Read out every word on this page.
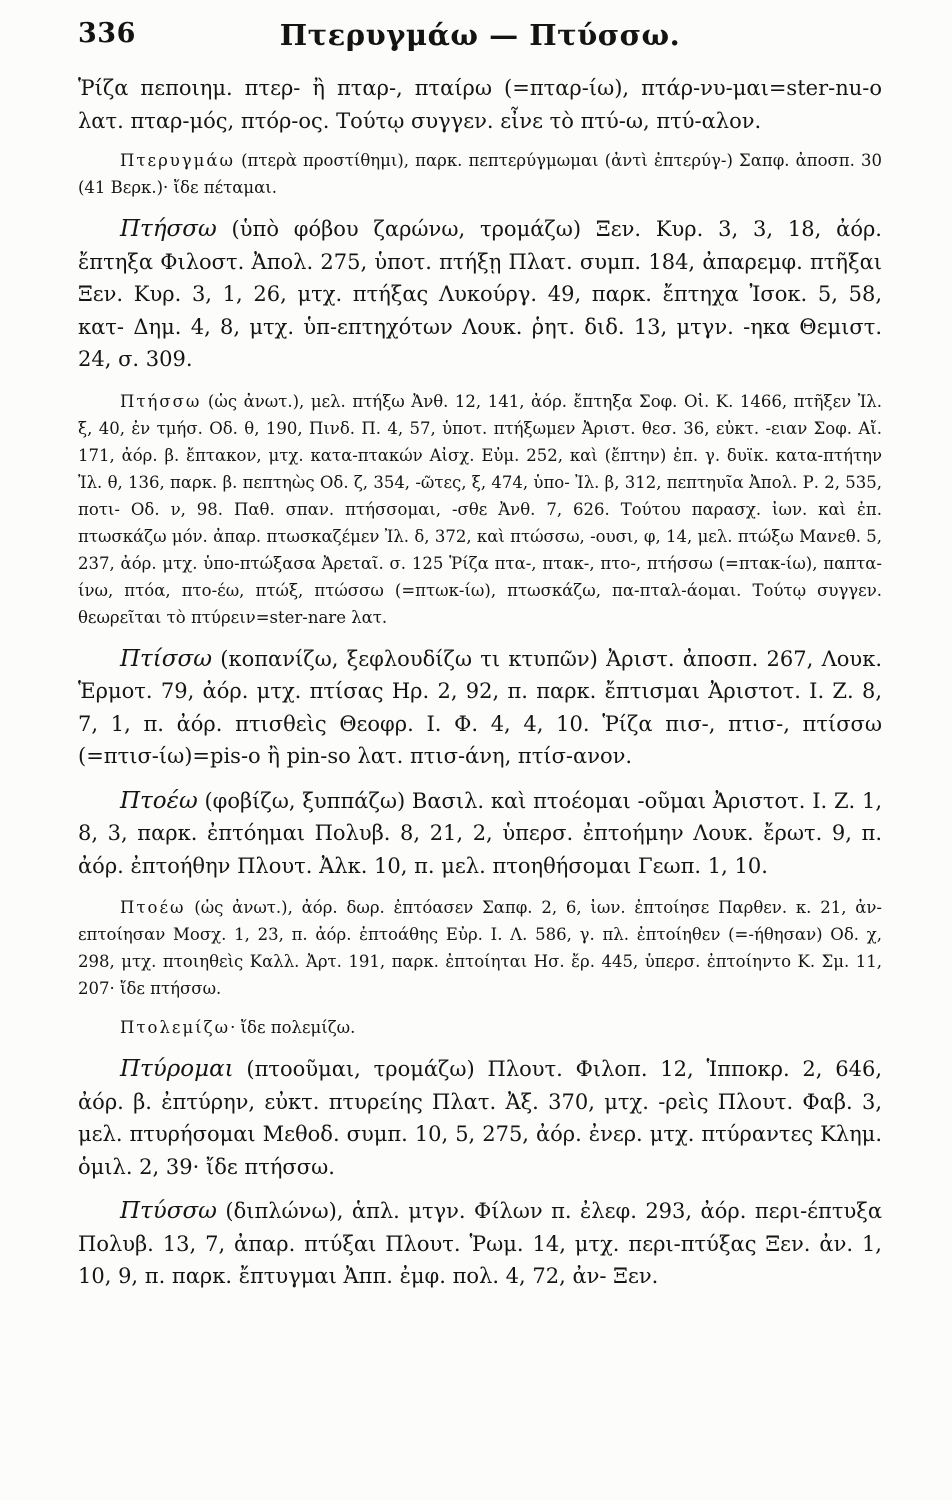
336	Πτερυγμάω — Πτύσσω.

Ῥίζα πεποιημ. πτερ- ἢ πταρ-, πταίρω (=πταρ-ίω), πτάρ-νυ-μαι=ster-nu-o λατ. πταρ-μός, πτόρ-ος. Τούτῳ συγγεν. εἶνε τὸ πτύ-ω, πτύ-αλον.

Πτερυγμάω (πτερὰ προστίθημι), παρκ. πεπτερύγμωμαι (ἀντὶ ἐπτερύγ-) Σαπφ. ἀποσπ. 30 (41 Βερκ.)· ἴδε πέταμαι.

Πτήσσω (ὑπὸ φόβου ζαρώνω, τρομάζω) Ξεν. Κυρ. 3, 3, 18, ἀόρ. ἔπτηξα Φιλοστ. Ἀπολ. 275, ὑποτ. πτήξῃ Πλατ. συμπ. 184, ἀπαρεμφ. πτῆξαι Ξεν. Κυρ. 3, 1, 26, μτχ. πτήξας Λυκούργ. 49, παρκ. ἔπτηχα Ἰσοκ. 5, 58, κατ- Δημ. 4, 8, μτχ. ὑπ-επτηχότων Λουκ. ῥητ. διδ. 13, μτγν. -ηκα Θεμιστ. 24, σ. 309.

Πτήσσω (ὡς ἀνωτ.), μελ. πτήξω Ἀνθ. 12, 141, ἀόρ. ἔπτηξα Σοφ. Οἰ. Κ. 1466, πτῆξεν Ἰλ. ξ, 40, ἐν τμήσ. Οδ. θ, 190, Πινδ. Π. 4, 57, ὑποτ. πτήξωμεν Ἀριστ. θεσ. 36, εὐκτ. -ειαν Σοφ. Αἴ. 171, ἀόρ. β. ἔπτακον, μτχ. κατα-πτακών Αἰσχ. Εὐμ. 252, καὶ (ἔπτην) ἐπ. γ. δυϊκ. κατα-πτήτην Ἰλ. θ, 136, παρκ. β. πεπτηὼς Οδ. ζ, 354, -ῶτες, ξ, 474, ὑπο- Ἰλ. β, 312, πεπτηυῖα Ἀπολ. Ρ. 2, 535, ποτι- Οδ. ν, 98. Παθ. σπαν. πτήσσομαι, -σθε Ἀνθ. 7, 626. Τούτου παρασχ. ἰων. καὶ ἐπ. πτωσκάζω μόν. ἀπαρ. πτωσκαζέμεν Ἰλ. δ, 372, καὶ πτώσσω, -ουσι, φ, 14, μελ. πτώξω Μανεθ. 5, 237, ἀόρ. μτχ. ὑπο-πτώξασα Ἀρεταῖ. σ. 125 Ῥίζα πτα-, πτακ-, πτο-, πτήσσω (=πτακ-ίω), παπτα-ίνω, πτόα, πτο-έω, πτώξ, πτώσσω (=πτωκ-ίω), πτωσκάζω, πα-πταλ-άομαι. Τούτῳ συγγεν. θεωρεῖται τὸ πτύρειν=ster-nare λατ.

Πτίσσω (κοπανίζω, ξεφλουδίζω τι κτυπῶν) Ἀριστ. ἀποσπ. 267, Λουκ. Ἑρμοτ. 79, ἀόρ. μτχ. πτίσας Ηρ. 2, 92, π. παρκ. ἔπτισμαι Ἀριστοτ. Ι. Ζ. 8, 7, 1, π. ἀόρ. πτισθεὶς Θεοφρ. Ι. Φ. 4, 4, 10. Ῥίζα πισ-, πτισ-, πτίσσω (=πτισ-ίω)=pis-o ἢ pin-so λατ. πτισ-άνη, πτίσ-ανον.

Πτοέω (φοβίζω, ξυππάζω) Βασιλ. καὶ πτοέομαι -οῦμαι Ἀριστοτ. Ι. Ζ. 1, 8, 3, παρκ. ἐπτόημαι Πολυβ. 8, 21, 2, ὑπερσ. ἐπτοήμην Λουκ. ἔρωτ. 9, π. ἀόρ. ἐπτοήθην Πλουτ. Ἀλκ. 10, π. μελ. πτοηθήσομαι Γεωπ. 1, 10.

Πτοέω (ὡς ἀνωτ.), ἀόρ. δωρ. ἐπτόασεν Σαπφ. 2, 6, ἰων. ἐπτοίησε Παρθεν. κ. 21, ἀν-επτοίησαν Μοσχ. 1, 23, π. ἀόρ. ἐπτοάθης Εὐρ. Ι. Λ. 586, γ. πλ. ἐπτοίηθεν (=-ήθησαν) Οδ. χ, 298, μτχ. πτοιηθεὶς Καλλ. Ἀρτ. 191, παρκ. ἐπτοίηται Ησ. ἔρ. 445, ὑπερσ. ἐπτοίηντο Κ. Σμ. 11, 207· ἴδε πτήσσω.

Πτολεμίζω· ἴδε πολεμίζω.

Πτύρομαι (πτοοῦμαι, τρομάζω) Πλουτ. Φιλοπ. 12, Ἱπποκρ. 2, 646, ἀόρ. β. ἐπτύρην, εὐκτ. πτυρείης Πλατ. Ἀξ. 370, μτχ. -ρεὶς Πλουτ. Φαβ. 3, μελ. πτυρήσομαι Μεθοδ. συμπ. 10, 5, 275, ἀόρ. ἐνερ. μτχ. πτύραντες Κλημ. ὁμιλ. 2, 39· ἴδε πτήσσω.

Πτύσσω (διπλώνω), ἁπλ. μτγν. Φίλων π. ἐλεφ. 293, ἀόρ. περι-έπτυξα Πολυβ. 13, 7, ἀπαρ. πτύξαι Πλουτ. Ῥωμ. 14, μτχ. περι-πτύξας Ξεν. ἀν. 1, 10, 9, π. παρκ. ἔπτυγμαι Ἀππ. ἐμφ. πολ. 4, 72, ἀν- Ξεν.
